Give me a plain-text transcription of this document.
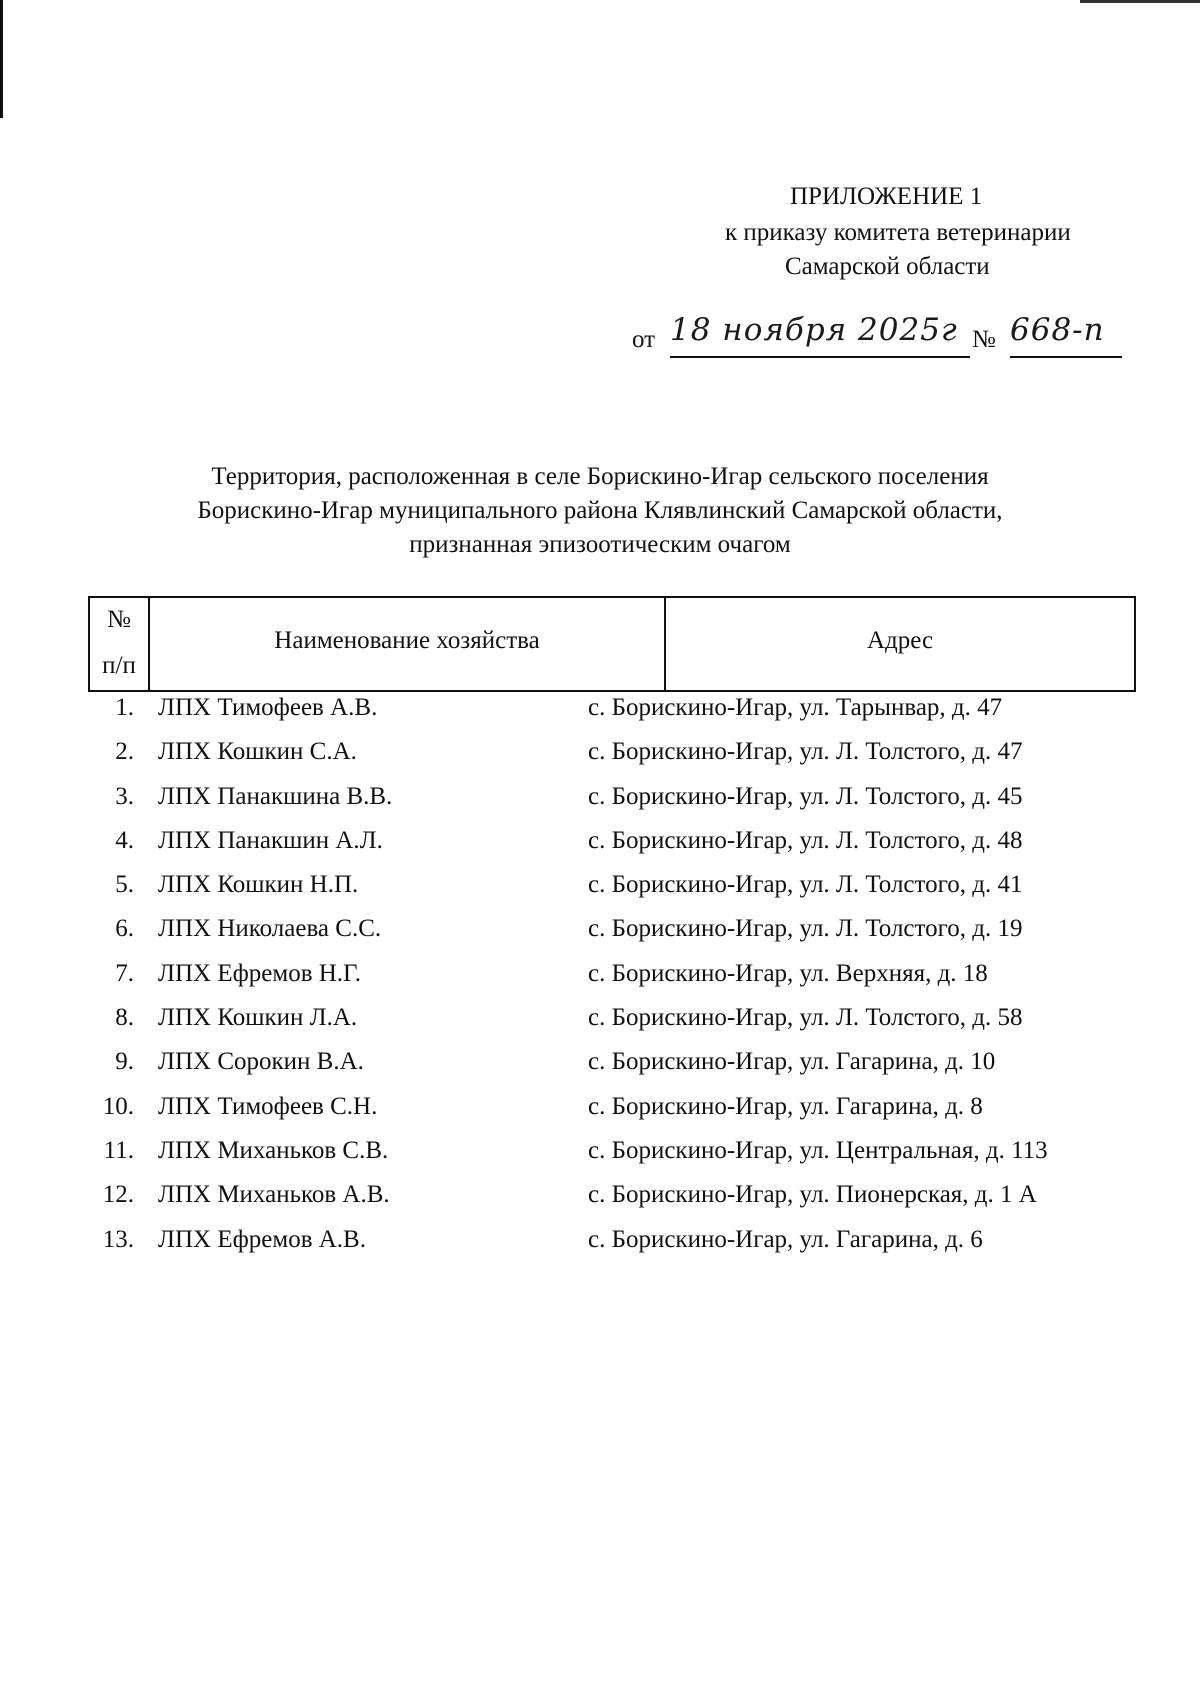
ПРИЛОЖЕНИЕ 1
к приказу комитета ветеринарии
Самарской области
от 18 ноября 2025г № 668-п
Территория, расположенная в селе Борискино-Игар сельского поселения
Борискино-Игар муниципального района Клявлинский Самарской области,
признанная эпизоотическим очагом
№
п/п
Наименование хозяйства	Адрес
1. ЛПХ Тимофеев А.В.	с. Борискино-Игар, ул. Тарынвар, д. 47
2. ЛПХ Кошкин С.А.	с. Борискино-Игар, ул. Л. Толстого, д. 47
3. ЛПХ Панакшина В.В.	с. Борискино-Игар, ул. Л. Толстого, д. 45
4. ЛПХ Панакшин А.Л.	с. Борискино-Игар, ул. Л. Толстого, д. 48
5. ЛПХ Кошкин Н.П.	с. Борискино-Игар, ул. Л. Толстого, д. 41
6. ЛПХ Николаева С.С.	с. Борискино-Игар, ул. Л. Толстого, д. 19
7. ЛПХ Ефремов Н.Г.	с. Борискино-Игар, ул. Верхняя, д. 18
8. ЛПХ Кошкин Л.А.	с. Борискино-Игар, ул. Л. Толстого, д. 58
9. ЛПХ Сорокин В.А.	с. Борискино-Игар, ул. Гагарина, д. 10
10. ЛПХ Тимофеев С.Н.	с. Борискино-Игар, ул. Гагарина, д. 8
11. ЛПХ Миханьков С.В.	с. Борискино-Игар, ул. Центральная, д. 113
12. ЛПХ Миханьков А.В.	с. Борискино-Игар, ул. Пионерская, д. 1 А
13. ЛПХ Ефремов А.В.	с. Борискино-Игар, ул. Гагарина, д. 6
